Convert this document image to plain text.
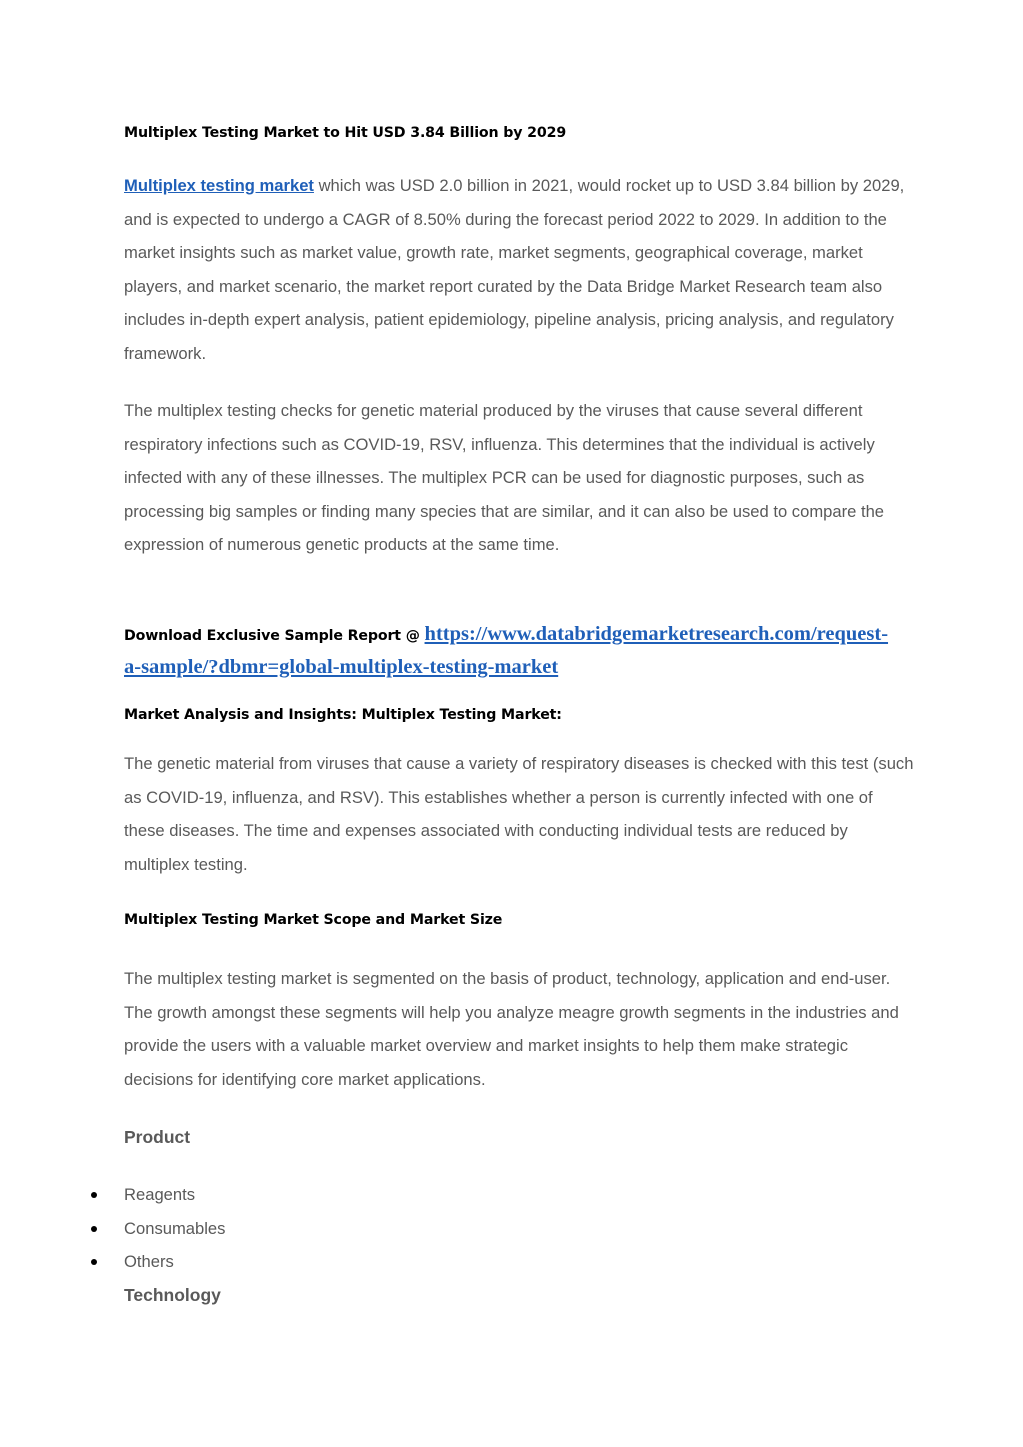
Multiplex Testing Market to Hit USD 3.84 Billion by 2029

Multiplex testing market which was USD 2.0 billion in 2021, would rocket up to USD 3.84 billion by 2029, and is expected to undergo a CAGR of 8.50% during the forecast period 2022 to 2029. In addition to the market insights such as market value, growth rate, market segments, geographical coverage, market players, and market scenario, the market report curated by the Data Bridge Market Research team also includes in-depth expert analysis, patient epidemiology, pipeline analysis, pricing analysis, and regulatory framework.

The multiplex testing checks for genetic material produced by the viruses that cause several different respiratory infections such as COVID-19, RSV, influenza. This determines that the individual is actively infected with any of these illnesses. The multiplex PCR can be used for diagnostic purposes, such as processing big samples or finding many species that are similar, and it can also be used to compare the expression of numerous genetic products at the same time.

Download Exclusive Sample Report @ https://www.databridgemarketresearch.com/request-
a-sample/?dbmr=global-multiplex-testing-market
Market Analysis and Insights: Multiplex Testing Market:

The genetic material from viruses that cause a variety of respiratory diseases is checked with this test (such as COVID-19, influenza, and RSV). This establishes whether a person is currently infected with one of these diseases. The time and expenses associated with conducting individual tests are reduced by multiplex testing.

Multiplex Testing Market Scope and Market Size

The multiplex testing market is segmented on the basis of product, technology, application and end-user. The growth amongst these segments will help you analyze meagre growth segments in the industries and provide the users with a valuable market overview and market insights to help them make strategic decisions for identifying core market applications.

Product
Reagents
Consumables
Others
Technology
